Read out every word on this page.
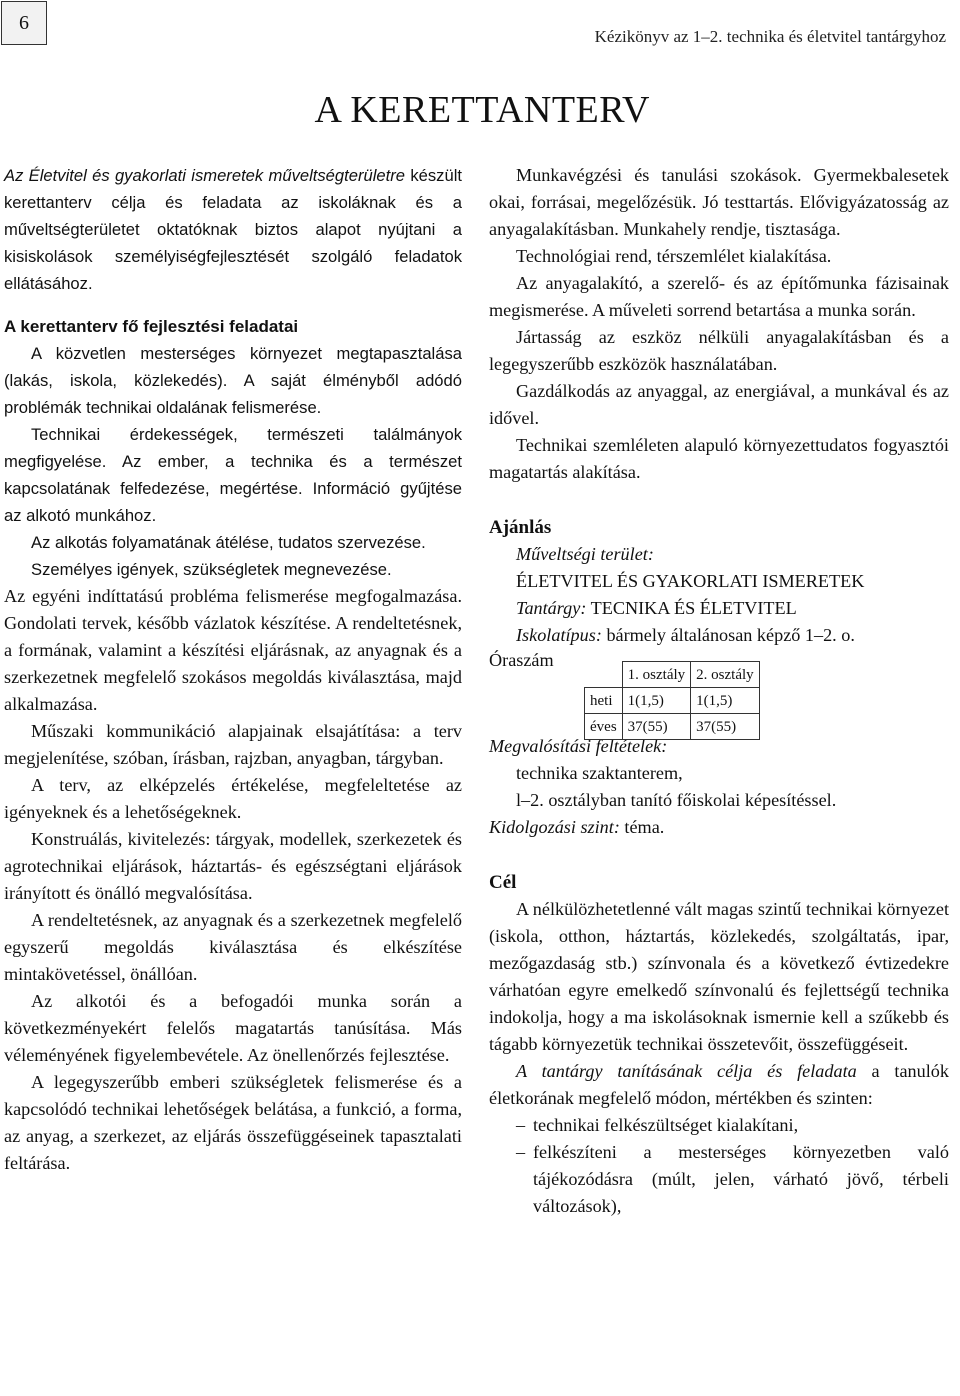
6
Kézikönyv az 1–2. technika és életvitel tantárgyhoz
A KERETTANTERV

Az Életvitel és gyakorlati ismeretek műveltségterületre készült kerettanterv célja és feladata az iskoláknak és a műveltségterületet oktatóknak biztos alapot nyújtani a kisiskolások személyiségfejlesztését szolgáló feladatok ellátásához.

A kerettanterv fő fejlesztési feladatai

A közvetlen mesterséges környezet megtapasztalása (lakás, iskola, közlekedés). A saját élményből adódó problémák technikai oldalának felismerése.

Technikai érdekességek, természeti találmányok megfigyelése. Az ember, a technika és a természet kapcsolatának felfedezése, megértése. Információ gyűjtése az alkotó munkához.

Az alkotás folyamatának átélése, tudatos szervezése.

Személyes igények, szükségletek megnevezése.

Az egyéni indíttatású probléma felismerése megfogalmazása. Gondolati tervek, később vázlatok készítése. A rendeltetésnek, a formának, valamint a készítési eljárásnak, az anyagnak és a szerkezetnek megfelelő szokásos megoldás kiválasztása, majd alkalmazása.

Műszaki kommunikáció alapjainak elsajátítása: a terv megjelenítése, szóban, írásban, rajzban, anyagban, tárgyban.

A terv, az elképzelés értékelése, megfeleltetése az igényeknek és a lehetőségeknek.

Konstruálás, kivitelezés: tárgyak, modellek, szerkezetek és agrotechnikai eljárások, háztartás- és egészségtani eljárások irányított és önálló megvalósítása.

A rendeltetésnek, az anyagnak és a szerkezetnek megfelelő egyszerű megoldás kiválasztása és elkészítése mintakövetéssel, önállóan.

Az alkotói és a befogadói munka során a következményekért felelős magatartás tanúsítása. Más véleményének figyelembevétele. Az önellenőrzés fejlesztése.

A legegyszerűbb emberi szükségletek felismerése és a kapcsolódó technikai lehetőségek belátása, a funkció, a forma, az anyag, a szerkezet, az eljárás összefüggéseinek tapasztalati feltárása.

Munkavégzési és tanulási szokások. Gyermekbalesetek okai, forrásai, megelőzésük. Jó testtartás. Elővigyázatosság az anyagalakításban. Munkahely rendje, tisztasága.

Technológiai rend, térszemlélet kialakítása.

Az anyagalakító, a szerelő- és az építőmunka fázisainak megismerése. A műveleti sorrend betartása a munka során.

Jártasság az eszköz nélküli anyagalakításban és a legegyszerűbb eszközök használatában.

Gazdálkodás az anyaggal, az energiával, a munkával és az idővel.

Technikai szemléleten alapuló környezettudatos fogyasztói magatartás alakítása.

Ajánlás

Műveltségi terület:

ÉLETVITEL ÉS GYAKORLATI ISMERETEK

Tantárgy: TECNIKA ÉS ÉLETVITEL

Iskolatípus: bármely általánosan képző 1–2. o.

Óraszám
	1. osztály	2. osztály
heti	1(1,5)	1(1,5)
éves	37(55)	37(55)

Megvalósítási feltételek:

technika szaktanterem,

l–2. osztályban tanító főiskolai képesítéssel.

Kidolgozási szint: téma.

Cél

A nélkülözhetetlenné vált magas szintű technikai környezet (iskola, otthon, háztartás, közlekedés, szolgáltatás, ipar, mezőgazdaság stb.) színvonala és a következő évtizedekre várhatóan egyre emelkedő színvonalú és fejlettségű technika indokolja, hogy a ma iskolásoknak ismernie kell a szűkebb és tágabb környezetük technikai összetevőit, összefüggéseit.

A tantárgy tanításának célja és feladata a tanulók életkorának megfelelő módon, mértékben és szinten:

– technikai felkészültséget kialakítani,

– felkészíteni a mesterséges környezetben való tájékozódásra (múlt, jelen, várható jövő, térbeli változások),
